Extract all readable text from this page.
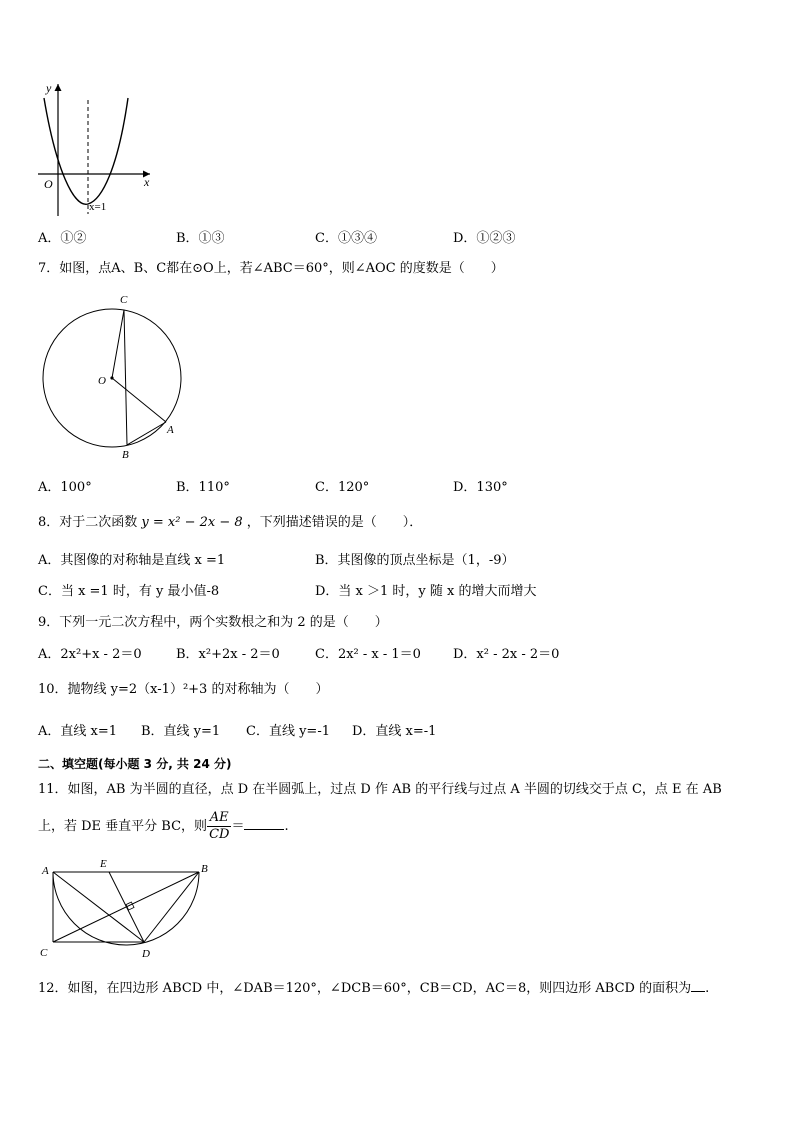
y
x
O
x=1
A．①②	B．①③	C．①③④	D．①②③
7．如图，点A、B、C都在⊙O上，若∠ABC＝60°，则∠AOC 的度数是（　　）
C
O
A
B
A．100°	B．110°	C．120°	D．130°
8．对于二次函数 y = x² − 2x − 8 ，下列描述错误的是（　　）．
A．其图像的对称轴是直线 x =1	B．其图像的顶点坐标是（1，-9）
C．当 x =1 时，有 y 最小值-8	D．当 x ＞1 时，y 随 x 的增大而增大
9．下列一元二次方程中，两个实数根之和为 2 的是（　　）
A．2x²+x - 2＝0	B．x²+2x - 2＝0	C．2x² - x - 1＝0 D．x² - 2x - 2＝0
10．抛物线 y=2（x-1）²+3 的对称轴为（　　）
A．直线 x=1 B．直线 y=1 C．直线 y=-1 D．直线 x=-1
二、填空题(每小题 3 分, 共 24 分)
11．如图，AB 为半圆的直径，点 D 在半圆弧上，过点 D 作 AB 的平行线与过点 A 半圆的切线交于点 C，点 E 在 AB
上，若 DE 垂直平分 BC，则 $\frac{AE}{CD}$ ＝	.
A
E	B
C	D
12．如图，在四边形 ABCD 中，∠DAB＝120°，∠DCB＝60°，CB＝CD，AC＝8，则四边形 ABCD 的面积为 .
